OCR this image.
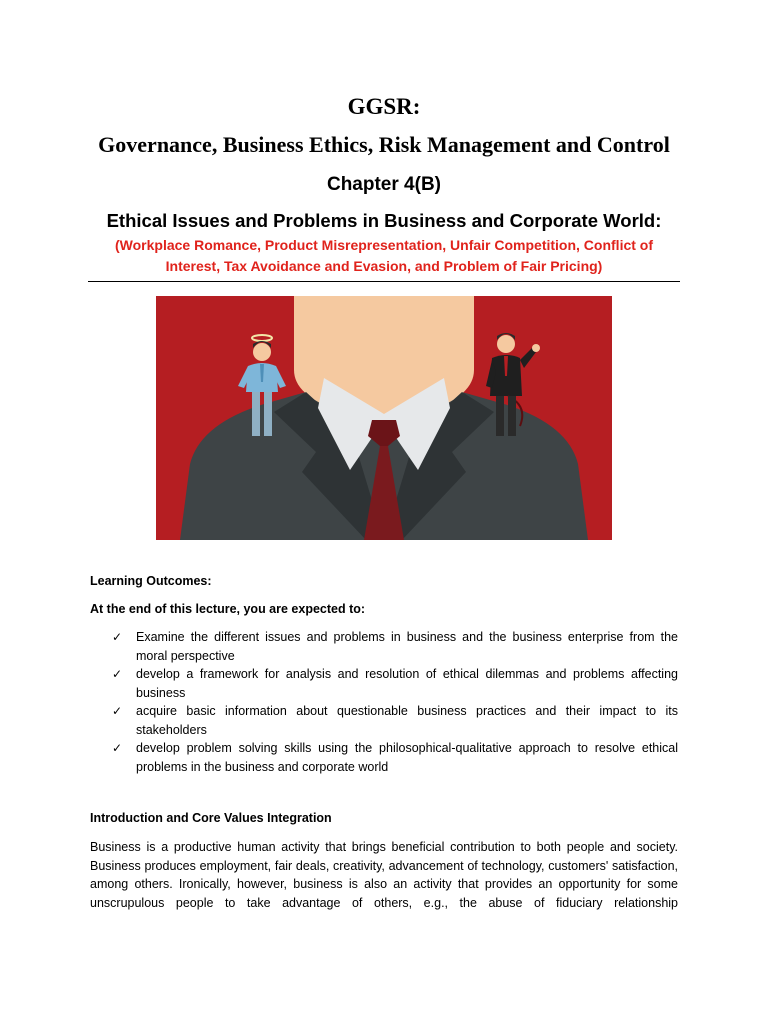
GGSR:
Governance, Business Ethics, Risk Management and Control
Chapter 4(B)
Ethical Issues and Problems in Business and Corporate World:
(Workplace Romance, Product Misrepresentation, Unfair Competition, Conflict of
Interest, Tax Avoidance and Evasion, and Problem of Fair Pricing)
Learning Outcomes:
At the end of this lecture, you are expected to:
✓ Examine the different issues and problems in business and the business enterprise from the moral perspective
✓ develop a framework for analysis and resolution of ethical dilemmas and problems affecting business
✓ acquire basic information about questionable business practices and their impact to its stakeholders
✓ develop problem solving skills using the philosophical-qualitative approach to resolve ethical problems in the business and corporate world
Introduction and Core Values Integration
Business is a productive human activity that brings beneficial contribution to both people and society. Business produces employment, fair deals, creativity, advancement of technology, customers' satisfaction, among others. Ironically, however, business is also an activity that provides an opportunity for some unscrupulous people to take advantage of others, e.g., the abuse of fiduciary relationship
